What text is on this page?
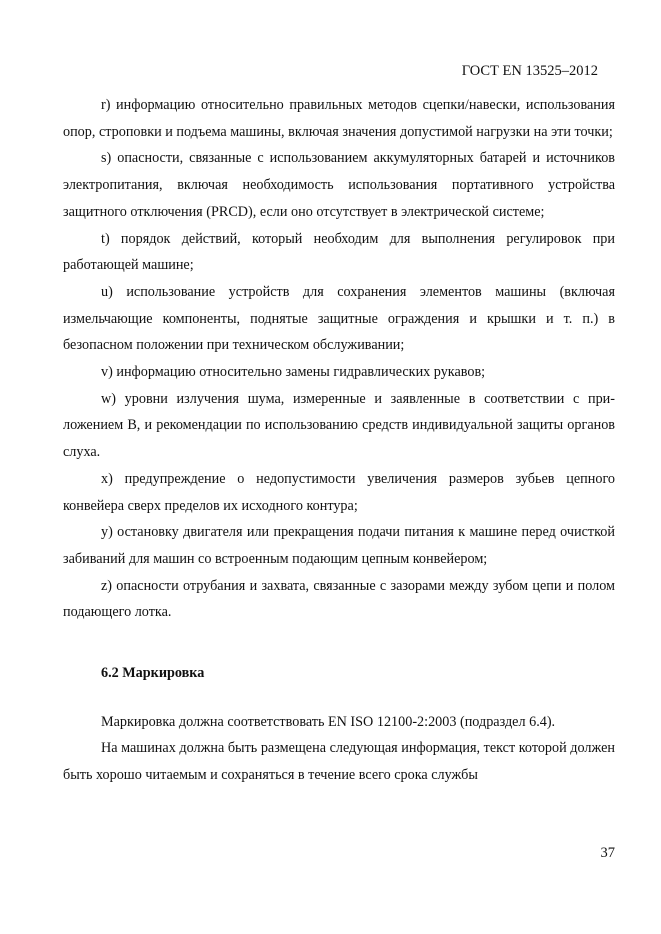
ГОСТ EN 13525–2012

r) информацию относительно правильных методов сцепки/навески, использования опор, строповки и подъема машины, включая значения допустимой нагрузки на эти точки;

s) опасности, связанные с использованием аккумуляторных батарей и источников электропитания, включая необходимость использования портативного устройства защитного отключения (PRCD), если оно отсутствует в электрической системе;

t) порядок действий, который необходим для выполнения регулировок при работающей машине;

u) использование устройств для сохранения элементов машины (включая измельчающие компоненты, поднятые защитные ограждения и крышки и т. п.) в безопасном положении при техническом обслуживании;

v) информацию относительно замены гидравлических рукавов;

w) уровни излучения шума, измеренные и заявленные в соответствии с приложением В, и рекомендации по использованию средств индивидуальной защиты органов слуха.

x) предупреждение о недопустимости увеличения размеров зубьев цепного конвейера сверх пределов их исходного контура;

y) остановку двигателя или прекращения подачи питания к машине перед очисткой забиваний для машин со встроенным подающим цепным конвейером;

z) опасности отрубания и захвата, связанные с зазорами между зубом цепи и полом подающего лотка.

6.2 Маркировка

Маркировка должна соответствовать EN ISO 12100-2:2003 (подраздел 6.4).

На машинах должна быть размещена следующая информация, текст которой должен быть хорошо читаемым и сохраняться в течение всего срока службы

37
